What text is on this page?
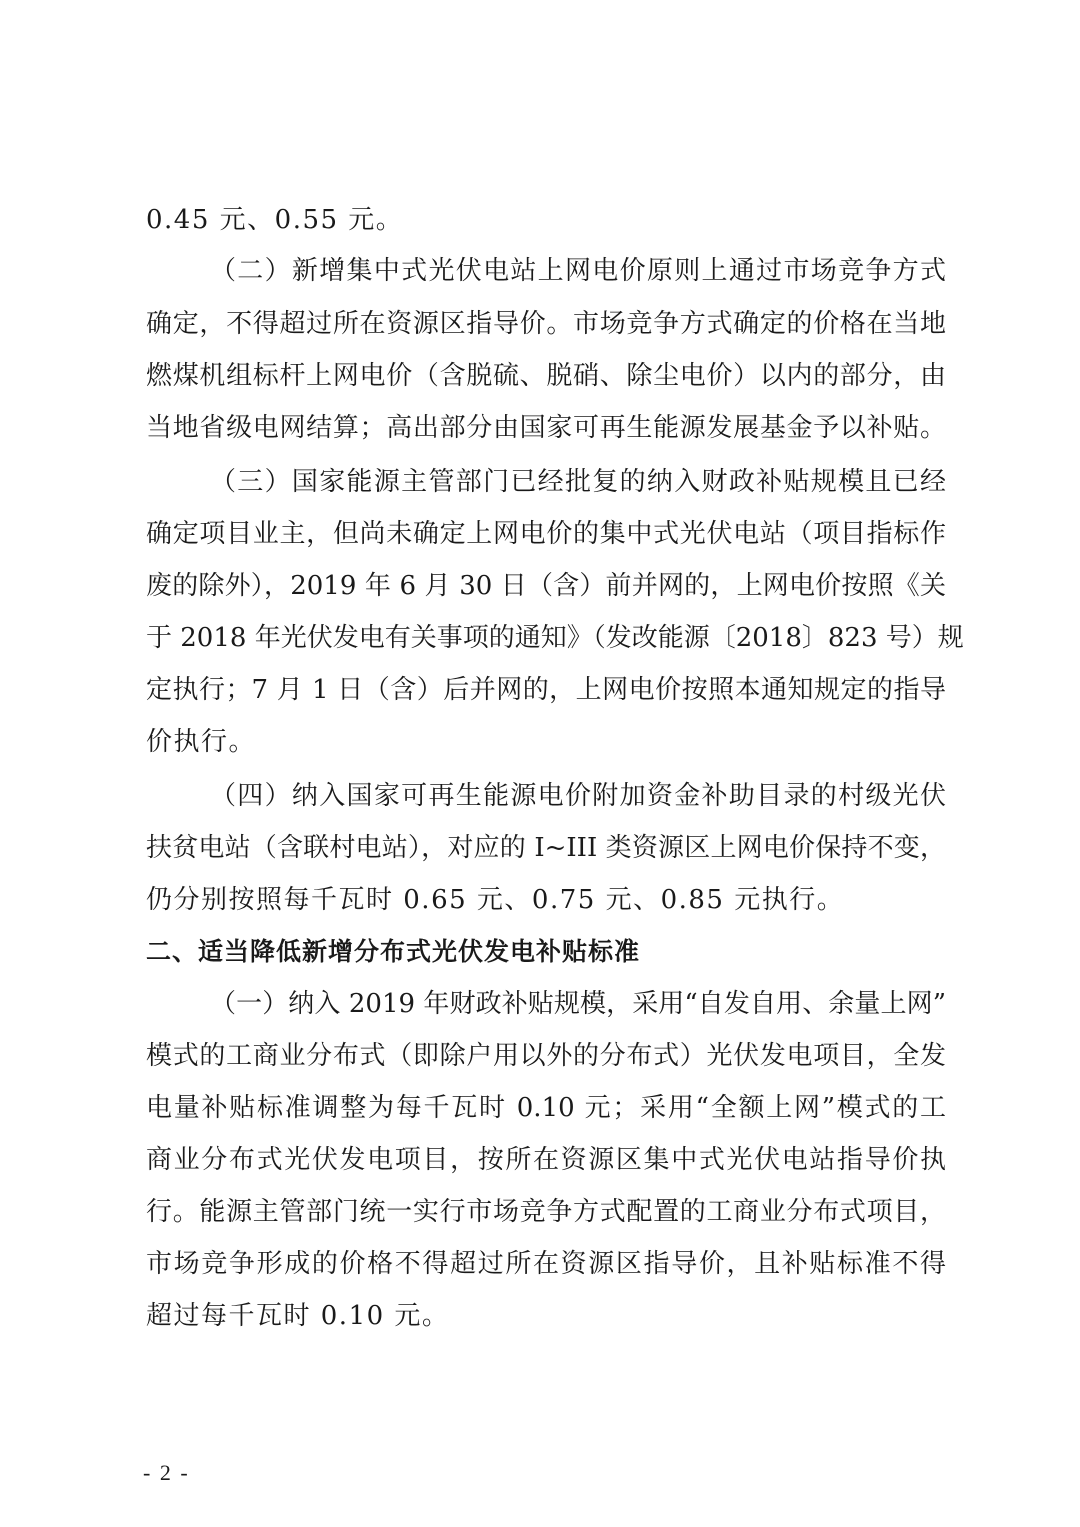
0.45 元、0.55 元。
（二）新增集中式光伏电站上网电价原则上通过市场竞争方式
确定，不得超过所在资源区指导价。市场竞争方式确定的价格在当地
燃煤机组标杆上网电价（含脱硫、脱硝、除尘电价）以内的部分，由
当地省级电网结算；高出部分由国家可再生能源发展基金予以补贴。
（三）国家能源主管部门已经批复的纳入财政补贴规模且已经
确定项目业主，但尚未确定上网电价的集中式光伏电站（项目指标作
废的除外），2019 年 6 月 30 日（含）前并网的，上网电价按照《关
于 2018 年光伏发电有关事项的通知》（发改能源〔2018〕823 号）规
定执行；7 月 1 日（含）后并网的，上网电价按照本通知规定的指导
价执行。
（四）纳入国家可再生能源电价附加资金补助目录的村级光伏
扶贫电站（含联村电站），对应的 I~III 类资源区上网电价保持不变，
仍分别按照每千瓦时 0.65 元、0.75 元、0.85 元执行。
二、适当降低新增分布式光伏发电补贴标准
（一）纳入 2019 年财政补贴规模，采用“自发自用、余量上网”
模式的工商业分布式（即除户用以外的分布式）光伏发电项目，全发
电量补贴标准调整为每千瓦时 0.10 元；采用“全额上网”模式的工
商业分布式光伏发电项目，按所在资源区集中式光伏电站指导价执
行。能源主管部门统一实行市场竞争方式配置的工商业分布式项目，
市场竞争形成的价格不得超过所在资源区指导价，且补贴标准不得
超过每千瓦时 0.10 元。
- 2 -
